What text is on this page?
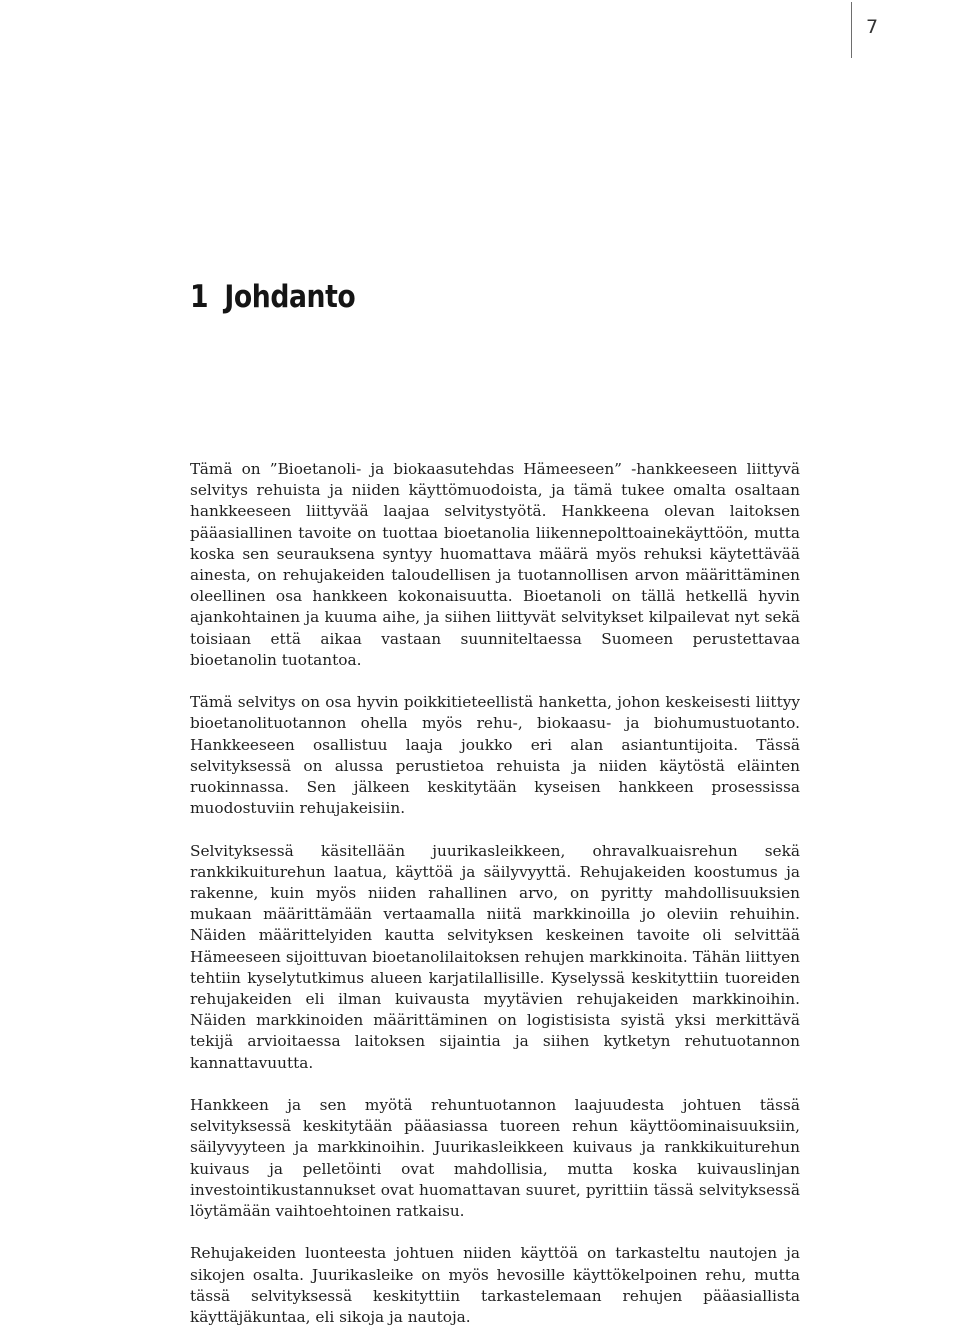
7
1 Johdanto

Tämä on ”Bioetanoli- ja biokaasutehdas Hämeeseen” -hankkeeseen liittyvä selvitys rehuista ja niiden käyttömuodoista, ja tämä tukee omalta osaltaan hankkeeseen liittyvää laajaa selvitystyötä. Hankkeena olevan laitoksen pääasiallinen tavoite on tuottaa bioetanolia liikennepolttoainekäyttöön, mutta koska sen seurauksena syntyy huomattava määrä myös rehuksi käytettävää ainesta, on rehujakeiden taloudellisen ja tuotannollisen arvon määrittäminen oleellinen osa hankkeen kokonaisuutta. Bioetanoli on tällä hetkellä hyvin ajankohtainen ja kuuma aihe, ja siihen liittyvät selvitykset kilpailevat nyt sekä toisiaan että aikaa vastaan suunniteltaessa Suomeen perustettavaa bioetanolin tuotantoa.

Tämä selvitys on osa hyvin poikkitieteellistä hanketta, johon keskeisesti liittyy bioetanolituotannon ohella myös rehu-, biokaasu- ja biohumustuotanto. Hankkeeseen osallistuu laaja joukko eri alan asiantuntijoita. Tässä selvityksessä on alussa perustietoa rehuista ja niiden käytöstä eläinten ruokinnassa. Sen jälkeen keskitytään kyseisen hankkeen prosessissa muodostuviin rehujakeisiin.

Selvityksessä käsitellään juurikasleikkeen, ohravalkuaisrehun sekä rankkikuiturehun laatua, käyttöä ja säilyvyyttä. Rehujakeiden koostumus ja rakenne, kuin myös niiden rahallinen arvo, on pyritty mahdollisuuksien mukaan määrittämään vertaamalla niitä markkinoilla jo oleviin rehuihin. Näiden määrittelyiden kautta selvityksen keskeinen tavoite oli selvittää Hämeeseen sijoittuvan bioetanolilaitoksen rehujen markkinoita. Tähän liittyen tehtiin kyselytutkimus alueen karjatilallisille. Kyselyssä keskityttiin tuoreiden rehujakeiden eli ilman kuivausta myytävien rehujakeiden markkinoihin. Näiden markkinoiden määrittäminen on logistisista syistä yksi merkittävä tekijä arvioitaessa laitoksen sijaintia ja siihen kytketyn rehutuotannon kannattavuutta.

Hankkeen ja sen myötä rehuntuotannon laajuudesta johtuen tässä selvityksessä keskitytään pääasiassa tuoreen rehun käyttöominaisuuksiin, säilyvyyteen ja markkinoihin. Juurikasleikkeen kuivaus ja rankkikuiturehun kuivaus ja pelletöinti ovat mahdollisia, mutta koska kuivauslinjan investointikustannukset ovat huomattavan suuret, pyrittiin tässä selvityksessä löytämään vaihtoehtoinen ratkaisu.

Rehujakeiden luonteesta johtuen niiden käyttöä on tarkasteltu nautojen ja sikojen osalta. Juurikasleike on myös hevosille käyttökelpoinen rehu, mutta tässä selvityksessä keskityttiin tarkastelemaan rehujen pääasiallista käyttäjäkuntaa, eli sikoja ja nautoja.
